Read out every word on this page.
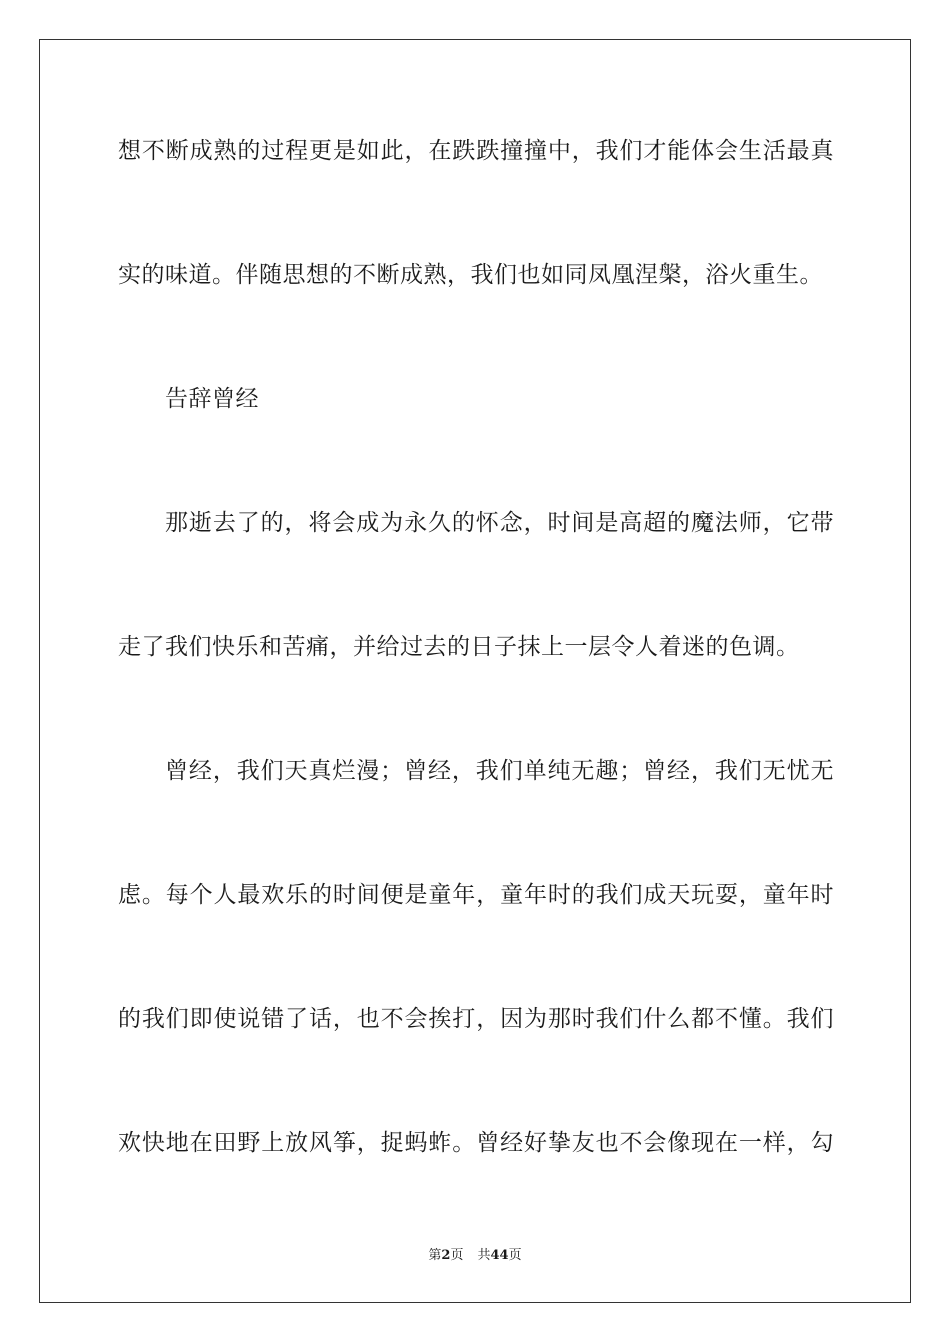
想不断成熟的过程更是如此，在跌跌撞撞中，我们才能体会生活最真
实的味道。伴随思想的不断成熟，我们也如同凤凰涅槃，浴火重生。
告辞曾经
那逝去了的，将会成为永久的怀念，时间是高超的魔法师，它带
走了我们快乐和苦痛，并给过去的日子抹上一层令人着迷的色调。
曾经，我们天真烂漫；曾经，我们单纯无趣；曾经，我们无忧无
虑。每个人最欢乐的时间便是童年，童年时的我们成天玩耍，童年时
的我们即使说错了话，也不会挨打，因为那时我们什么都不懂。我们
欢快地在田野上放风筝，捉蚂蚱。曾经好挚友也不会像现在一样，勾
第2页 共44页
